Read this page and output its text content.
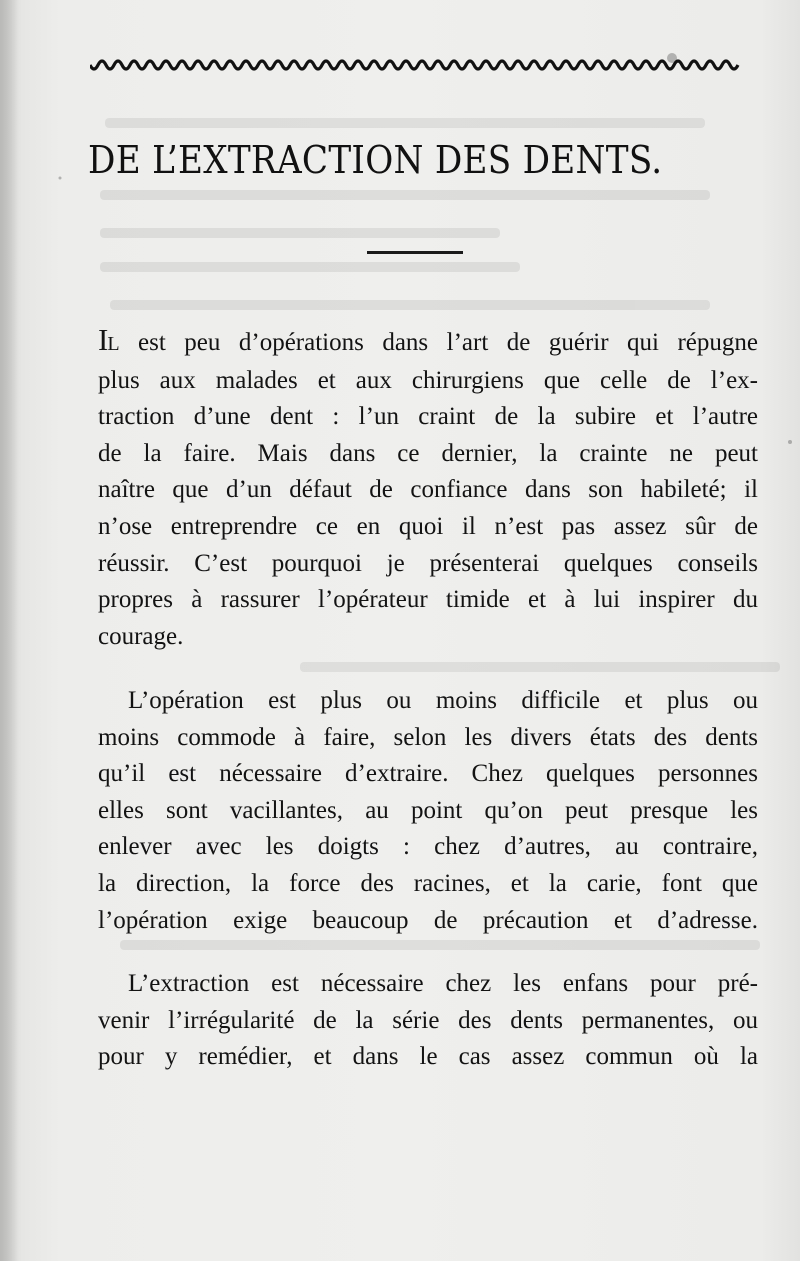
DE L’EXTRACTION DES DENTS.

IL est peu d’opérations dans l’art de guérir qui répugne
plus aux malades et aux chirurgiens que celle de l’ex-
traction d’une dent : l’un craint de la subire et l’autre
de la faire. Mais dans ce dernier, la crainte ne peut
naître que d’un défaut de confiance dans son habileté; il
n’ose entreprendre ce en quoi il n’est pas assez sûr de
réussir. C’est pourquoi je présenterai quelques conseils
propres à rassurer l’opérateur timide et à lui inspirer du
courage.

L’opération est plus ou moins difficile et plus ou
moins commode à faire, selon les divers états des dents
qu’il est nécessaire d’extraire. Chez quelques personnes
elles sont vacillantes, au point qu’on peut presque les
enlever avec les doigts : chez d’autres, au contraire,
la direction, la force des racines, et la carie, font que
l’opération exige beaucoup de précaution et d’adresse.

L’extraction est nécessaire chez les enfans pour pré-
venir l’irrégularité de la série des dents permanentes, ou
pour y remédier, et dans le cas assez commun où la
